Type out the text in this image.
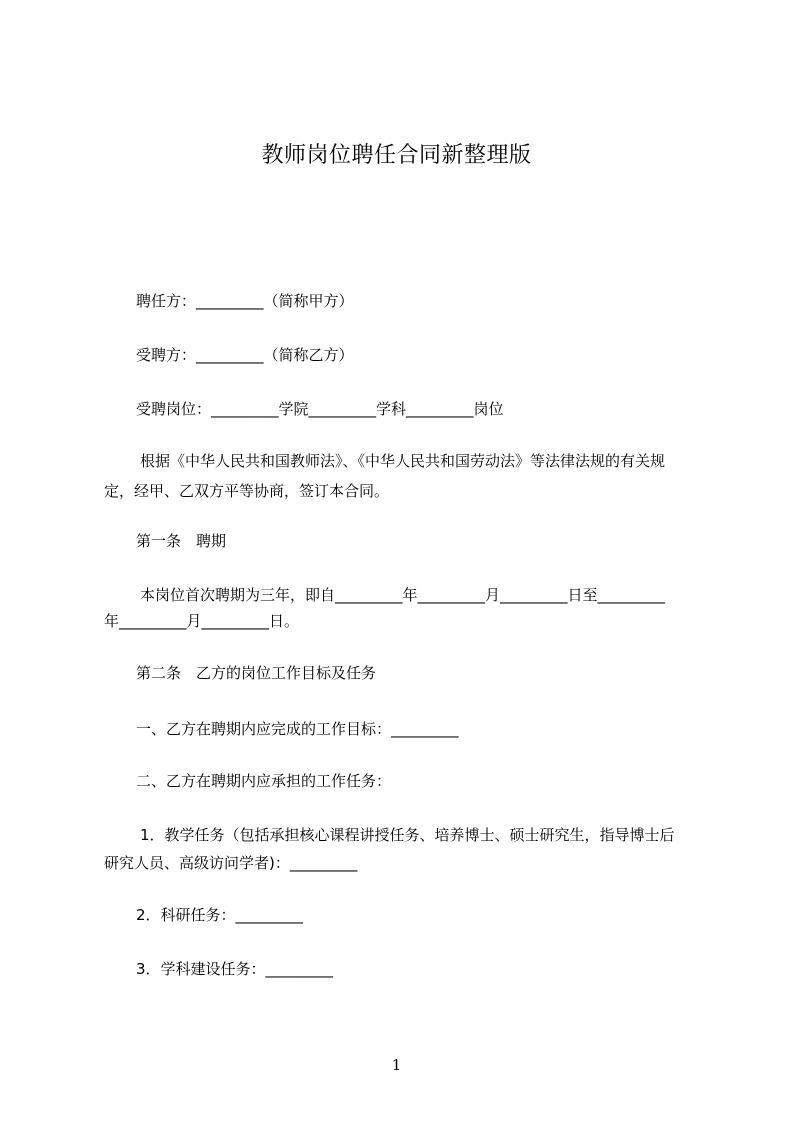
教师岗位聘任合同新整理版
聘任方：_________（简称甲方）
受聘方：_________（简称乙方）
受聘岗位：_________学院_________学科_________岗位
根据《中华人民共和国教师法》、《中华人民共和国劳动法》等法律法规的有关规
定，经甲、乙双方平等协商，签订本合同。
第一条　聘期
本岗位首次聘期为三年，即自_________年_________月_________日至_________
年_________月_________日。
第二条　乙方的岗位工作目标及任务
一、乙方在聘期内应完成的工作目标：_________
二、乙方在聘期内应承担的工作任务：
1．教学任务（包括承担核心课程讲授任务、培养博士、硕士研究生，指导博士后
研究人员、高级访问学者)：_________
2．科研任务：_________
3．学科建设任务：_________
1
